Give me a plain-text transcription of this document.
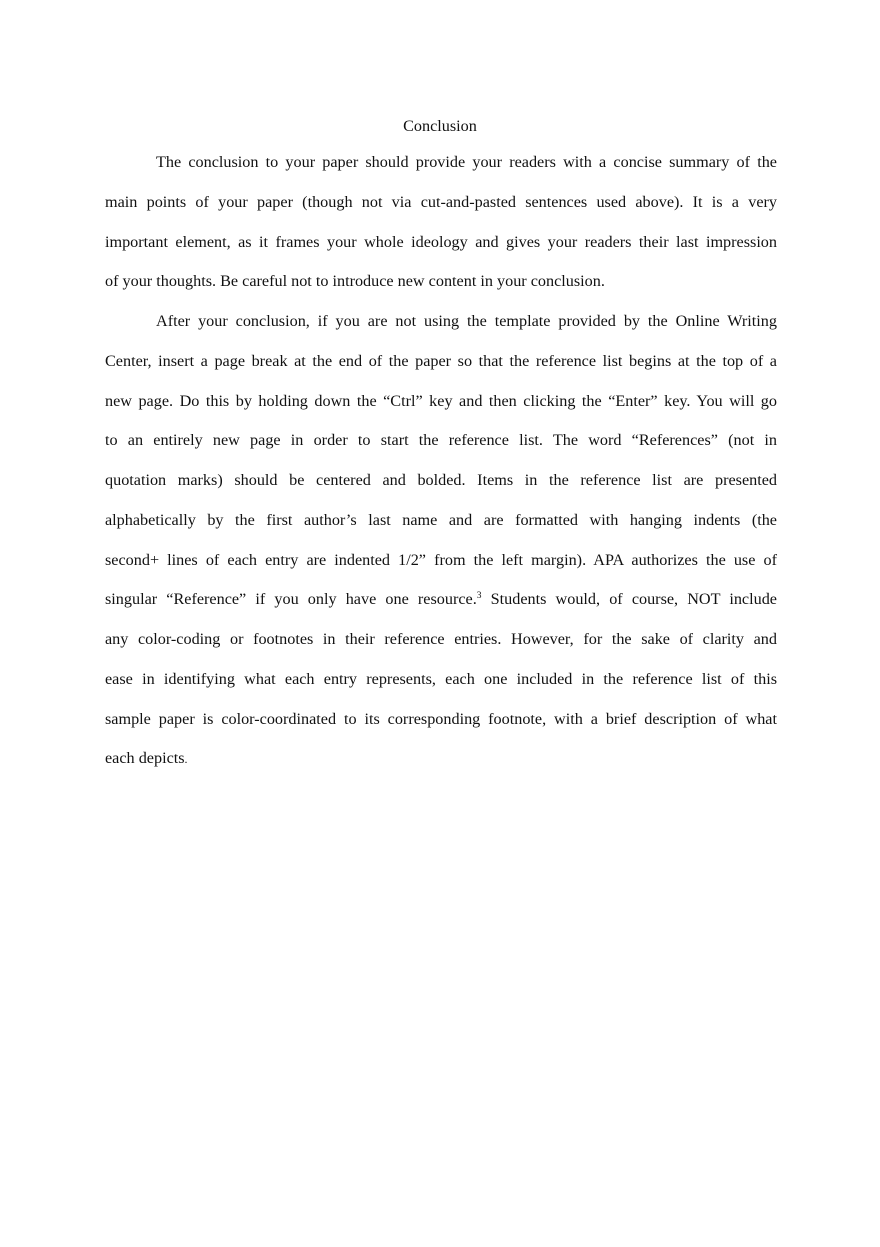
Conclusion
The conclusion to your paper should provide your readers with a concise summary of the
main points of your paper (though not via cut-and-pasted sentences used above). It is a very
important element, as it frames your whole ideology and gives your readers their last impression
of your thoughts. Be careful not to introduce new content in your conclusion.
After your conclusion, if you are not using the template provided by the Online Writing
Center, insert a page break at the end of the paper so that the reference list begins at the top of a
new page. Do this by holding down the “Ctrl” key and then clicking the “Enter” key. You will go
to an entirely new page in order to start the reference list. The word “References” (not in
quotation marks) should be centered and bolded. Items in the reference list are presented
alphabetically by the first author’s last name and are formatted with hanging indents (the
second+ lines of each entry are indented 1/2” from the left margin). APA authorizes the use of
singular “Reference” if you only have one resource.$^3$ Students would, of course, NOT include
any color-coding or footnotes in their reference entries. However, for the sake of clarity and
ease in identifying what each entry represents, each one included in the reference list of this
sample paper is color-coordinated to its corresponding footnote, with a brief description of what
each depicts.
